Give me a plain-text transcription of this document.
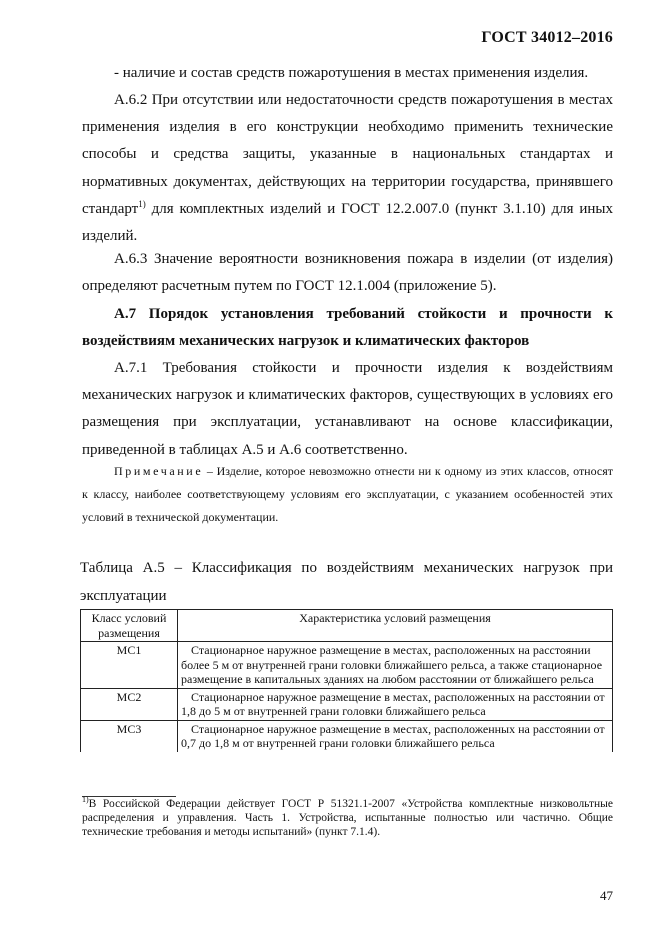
ГОСТ 34012–2016
- наличие и состав средств пожаротушения в местах применения изделия.
А.6.2 При отсутствии или недостаточности средств пожаротушения в местах применения изделия в его конструкции необходимо применить технические способы и средства защиты, указанные в национальных стандартах и нормативных документах, действующих на территории государства, принявшего стандарт$^{1)}$ для комплектных изделий и ГОСТ 12.2.007.0 (пункт 3.1.10) для иных изделий.
А.6.3 Значение вероятности возникновения пожара в изделии (от изделия) определяют расчетным путем по ГОСТ 12.1.004 (приложение 5).
А.7 Порядок установления требований стойкости и прочности к воздействиям механических нагрузок и климатических факторов
А.7.1 Требования стойкости и прочности изделия к воздействиям механических нагрузок и климатических факторов, существующих в условиях его размещения при эксплуатации, устанавливают на основе классификации, приведенной в таблицах А.5 и А.6 соответственно.
Примечание – Изделие, которое невозможно отнести ни к одному из этих классов, относят к классу, наиболее соответствующему условиям его эксплуатации, с указанием особенностей этих условий в технической документации.
Таблица А.5 – Классификация по воздействиям механических нагрузок при эксплуатации
Класс условий размещения	Характеристика условий размещения
МС1	Стационарное наружное размещение в местах, расположенных на расстоянии более 5 м от внутренней грани головки ближайшего рельса, а также стационарное размещение в капитальных зданиях на любом расстоянии от ближайшего рельса
МС2	Стационарное наружное размещение в местах, расположенных на расстоянии от 1,8 до 5 м от внутренней грани головки ближайшего рельса
МС3	Стационарное наружное размещение в местах, расположенных на расстоянии от 0,7 до 1,8 м от внутренней грани головки ближайшего рельса
$^{1)}$В Российской Федерации действует ГОСТ Р 51321.1-2007 «Устройства комплектные низковольтные распределения и управления. Часть 1. Устройства, испытанные полностью или частично. Общие технические требования и методы испытаний» (пункт 7.1.4).
47
